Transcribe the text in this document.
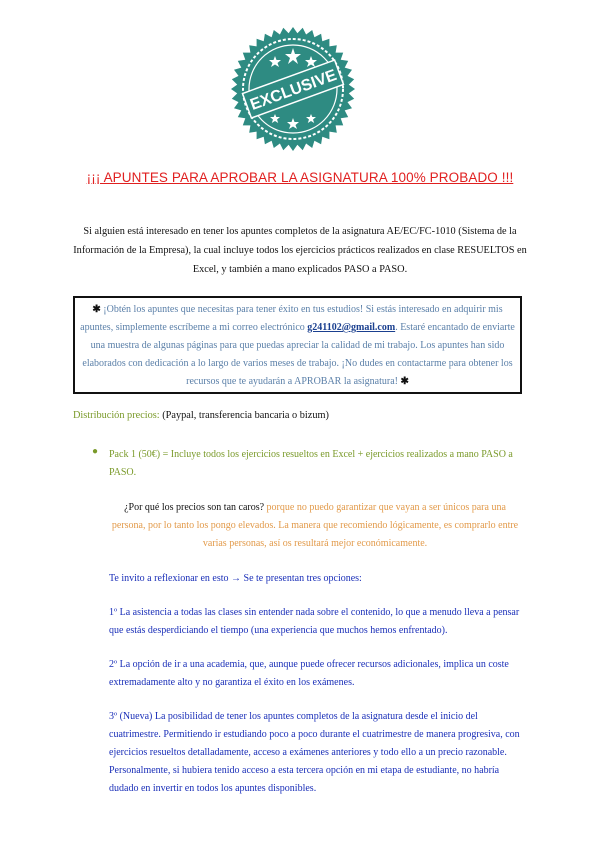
EXCLUSIVE
¡¡¡ APUNTES PARA APROBAR LA ASIGNATURA 100% PROBADO !!!
Si alguien está interesado en tener los apuntes completos de la asignatura AE/EC/FC-1010 (Sistema de la
Información de la Empresa), la cual incluye todos los ejercicios prácticos realizados en clase RESUELTOS en
Excel, y también a mano explicados PASO a PASO.
✱ ¡Obtén los apuntes que necesitas para tener éxito en tus estudios! Si estás interesado en adquirir mis
apuntes, simplemente escríbeme a mi correo electrónico g241102@gmail.com. Estaré encantado de enviarte
una muestra de algunas páginas para que puedas apreciar la calidad de mi trabajo. Los apuntes han sido
elaborados con dedicación a lo largo de varios meses de trabajo. ¡No dudes en contactarme para obtener los
recursos que te ayudarán a APROBAR la asignatura! ✱
Distribución precios: (Paypal, transferencia bancaria o bizum)
● Pack 1 (50€) = Incluye todos los ejercicios resueltos en Excel + ejercicios realizados a mano PASO a
PASO.
¿Por qué los precios son tan caros? porque no puedo garantizar que vayan a ser únicos para una
persona, por lo tanto los pongo elevados. La manera que recomiendo lógicamente, es comprarlo entre
varias personas, así os resultará mejor económicamente.
Te invito a reflexionar en esto → Se te presentan tres opciones:
1º La asistencia a todas las clases sin entender nada sobre el contenido, lo que a menudo lleva a pensar
que estás desperdiciando el tiempo (una experiencia que muchos hemos enfrentado).
2º La opción de ir a una academia, que, aunque puede ofrecer recursos adicionales, implica un coste
extremadamente alto y no garantiza el éxito en los exámenes.
3º (Nueva) La posibilidad de tener los apuntes completos de la asignatura desde el inicio del
cuatrimestre. Permitiendo ir estudiando poco a poco durante el cuatrimestre de manera progresiva, con
ejercicios resueltos detalladamente, acceso a exámenes anteriores y todo ello a un precio razonable.
Personalmente, si hubiera tenido acceso a esta tercera opción en mi etapa de estudiante, no habría
dudado en invertir en todos los apuntes disponibles.
